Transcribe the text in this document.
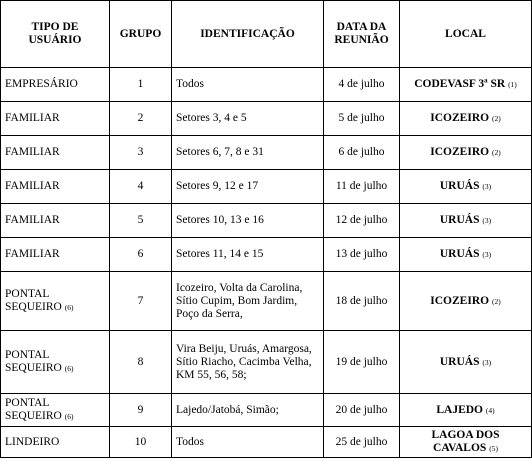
TIPO DE USUÁRIO	GRUPO	IDENTIFICAÇÃO	DATA DA REUNIÃO	LOCAL
EMPRESÁRIO	1	Todos	4 de julho	CODEVASF 3ª SR (1)
FAMILIAR	2	Setores 3, 4 e 5	5 de julho	ICOZEIRO (2)
FAMILIAR	3	Setores 6, 7, 8 e 31	6 de julho	ICOZEIRO (2)
FAMILIAR	4	Setores 9, 12 e 17	11 de julho	URUÁS (3)
FAMILIAR	5	Setores 10, 13 e 16	12 de julho	URUÁS (3)
FAMILIAR	6	Setores 11, 14 e 15	13 de julho	URUÁS (3)
PONTAL SEQUEIRO (6)	7	Icozeiro, Volta da Carolina, Sítio Cupim, Bom Jardim, Poço da Serra,	18 de julho	ICOZEIRO (2)
PONTAL SEQUEIRO (6)	8	Vira Beiju, Uruás, Amargosa, Sítio Riacho, Cacimba Velha, KM 55, 56, 58;	19 de julho	URUÁS (3)
PONTAL SEQUEIRO (6)	9	Lajedo/Jatobá, Simão;	20 de julho	LAJEDO (4)
LINDEIRO	10	Todos	25 de julho	LAGOA DOS CAVALOS (5)
